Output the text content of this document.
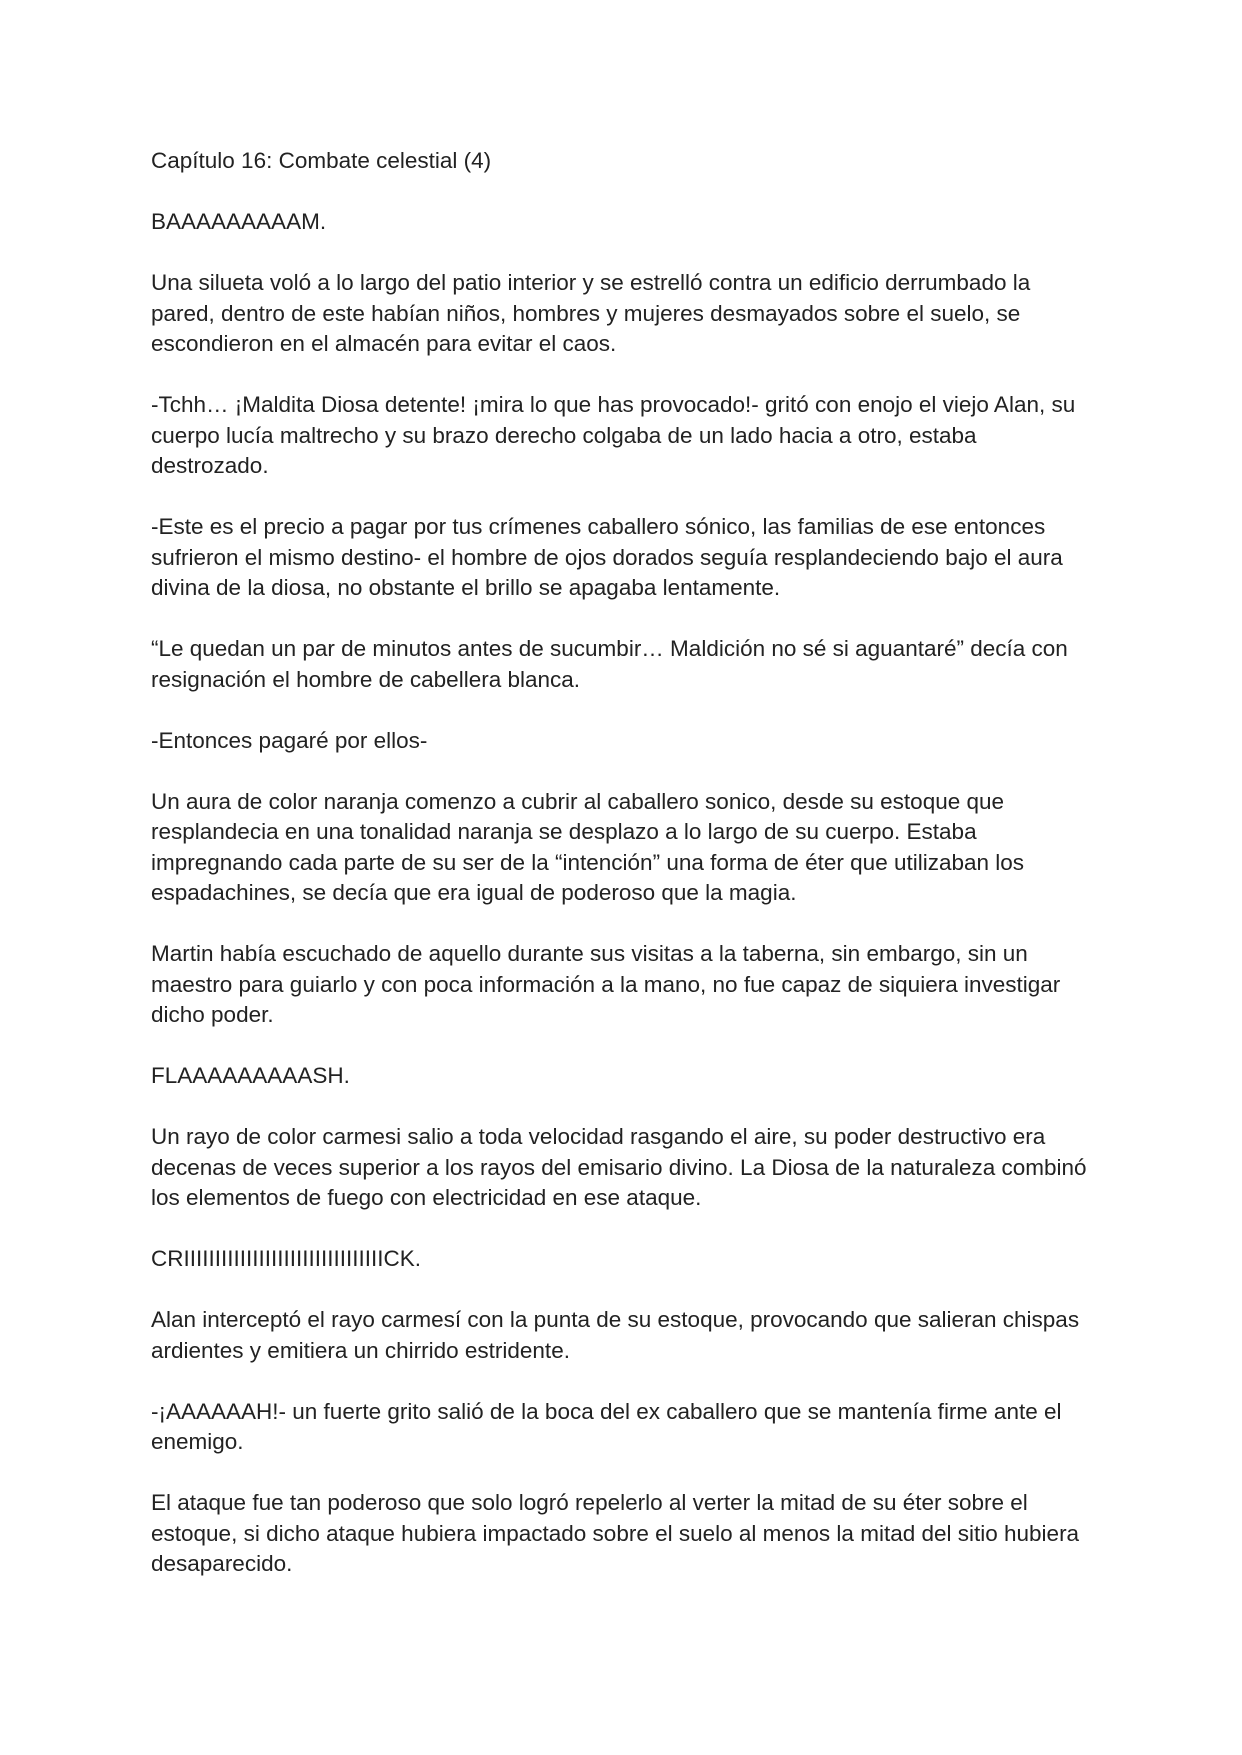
Capítulo 16: Combate celestial (4)

BAAAAAAAAAM.

Una silueta voló a lo largo del patio interior y se estrelló contra un edificio derrumbado la pared, dentro de este habían niños, hombres y mujeres desmayados sobre el suelo, se escondieron en el almacén para evitar el caos.

-Tchh… ¡Maldita Diosa detente! ¡mira lo que has provocado!- gritó con enojo el viejo Alan, su cuerpo lucía maltrecho y su brazo derecho colgaba de un lado hacia a otro, estaba destrozado.

-Este es el precio a pagar por tus crímenes caballero sónico, las familias de ese entonces sufrieron el mismo destino- el hombre de ojos dorados seguía resplandeciendo bajo el aura divina de la diosa, no obstante el brillo se apagaba lentamente.

“Le quedan un par de minutos antes de sucumbir… Maldición no sé si aguantaré” decía con resignación el hombre de cabellera blanca.

-Entonces pagaré por ellos-

Un aura de color naranja comenzo a cubrir al caballero sonico, desde su estoque que resplandecia en una tonalidad naranja se desplazo a lo largo de su cuerpo. Estaba impregnando cada parte de su ser de la “intención” una forma de éter que utilizaban los espadachines, se decía que era igual de poderoso que la magia.

Martin había escuchado de aquello durante sus visitas a la taberna, sin embargo, sin un maestro para guiarlo y con poca información a la mano, no fue capaz de siquiera investigar dicho poder.

FLAAAAAAAAASH.

Un rayo de color carmesi salio a toda velocidad rasgando el aire, su poder destructivo era decenas de veces superior a los rayos del emisario divino. La Diosa de la naturaleza combinó los elementos de fuego con electricidad en ese ataque.

CRIIIIIIIIIIIIIIIIIIIIIIIIIIIIIIIICK.

Alan interceptó el rayo carmesí con la punta de su estoque, provocando que salieran chispas ardientes y emitiera un chirrido estridente.

-¡AAAAAAH!- un fuerte grito salió de la boca del ex caballero que se mantenía firme ante el enemigo.

El ataque fue tan poderoso que solo logró repelerlo al verter la mitad de su éter sobre el estoque, si dicho ataque hubiera impactado sobre el suelo al menos la mitad del sitio hubiera desaparecido.
